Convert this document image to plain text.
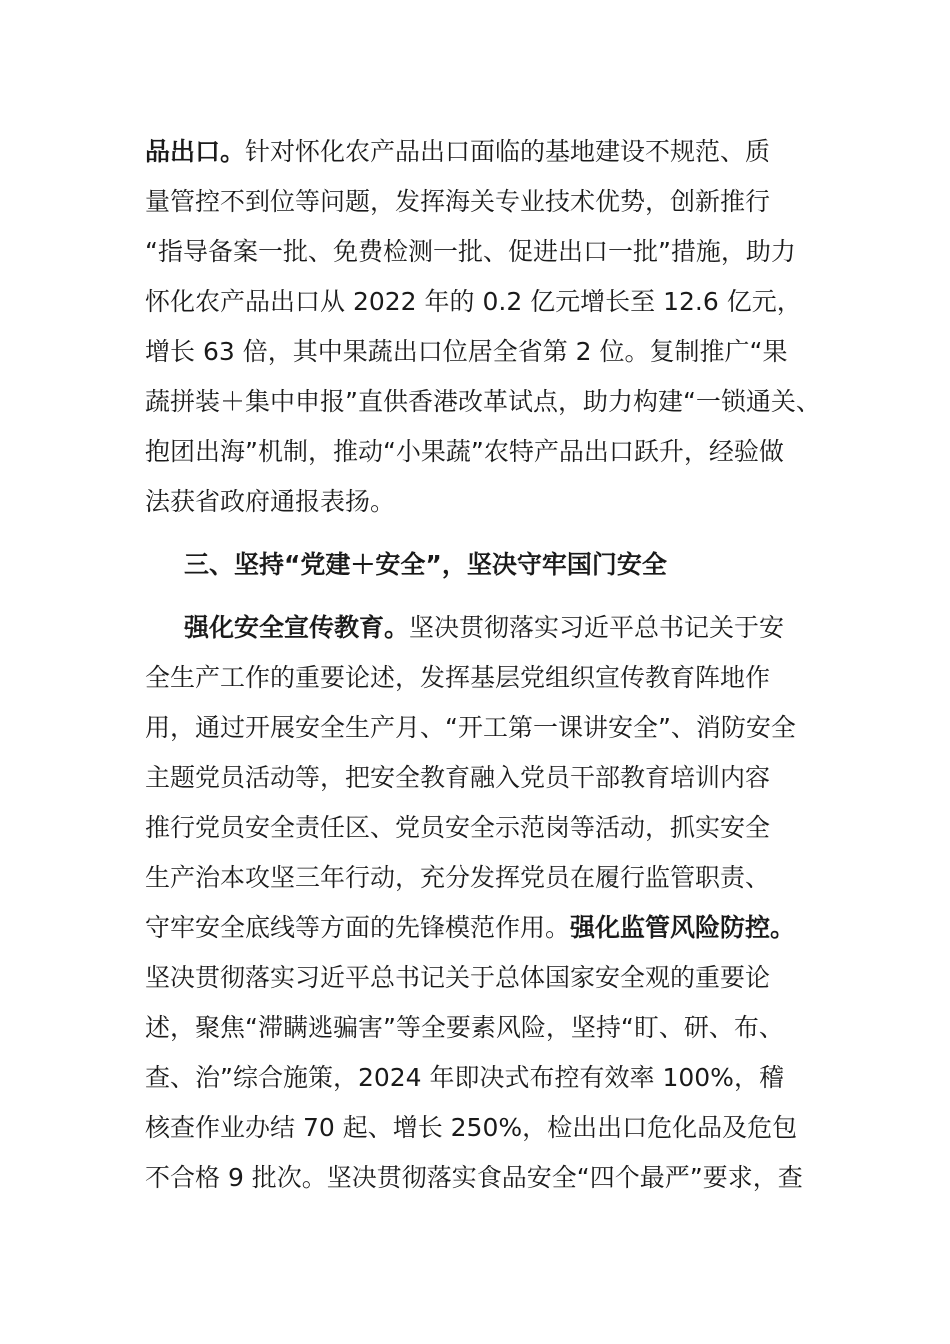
品出口。针对怀化农产品出口面临的基地建设不规范、质
量管控不到位等问题，发挥海关专业技术优势，创新推行
“指导备案一批、免费检测一批、促进出口一批”措施，助力
怀化农产品出口从 2022 年的 0.2 亿元增长至 12.6 亿元，
增长 63 倍，其中果蔬出口位居全省第 2 位。复制推广“果
蔬拼装＋集中申报”直供香港改革试点，助力构建“一锁通关、
抱团出海”机制，推动“小果蔬”农特产品出口跃升，经验做
法获省政府通报表扬。
三、坚持“党建＋安全”，坚决守牢国门安全
强化安全宣传教育。坚决贯彻落实习近平总书记关于安
全生产工作的重要论述，发挥基层党组织宣传教育阵地作
用，通过开展安全生产月、“开工第一课讲安全”、消防安全
主题党员活动等，把安全教育融入党员干部教育培训内容
推行党员安全责任区、党员安全示范岗等活动，抓实安全
生产治本攻坚三年行动，充分发挥党员在履行监管职责、
守牢安全底线等方面的先锋模范作用。强化监管风险防控。
坚决贯彻落实习近平总书记关于总体国家安全观的重要论
述，聚焦“滞瞒逃骗害”等全要素风险，坚持“盯、研、布、
查、治”综合施策，2024 年即决式布控有效率 100%，稽
核查作业办结 70 起、增长 250%，检出出口危化品及危包
不合格 9 批次。坚决贯彻落实食品安全“四个最严”要求，查
